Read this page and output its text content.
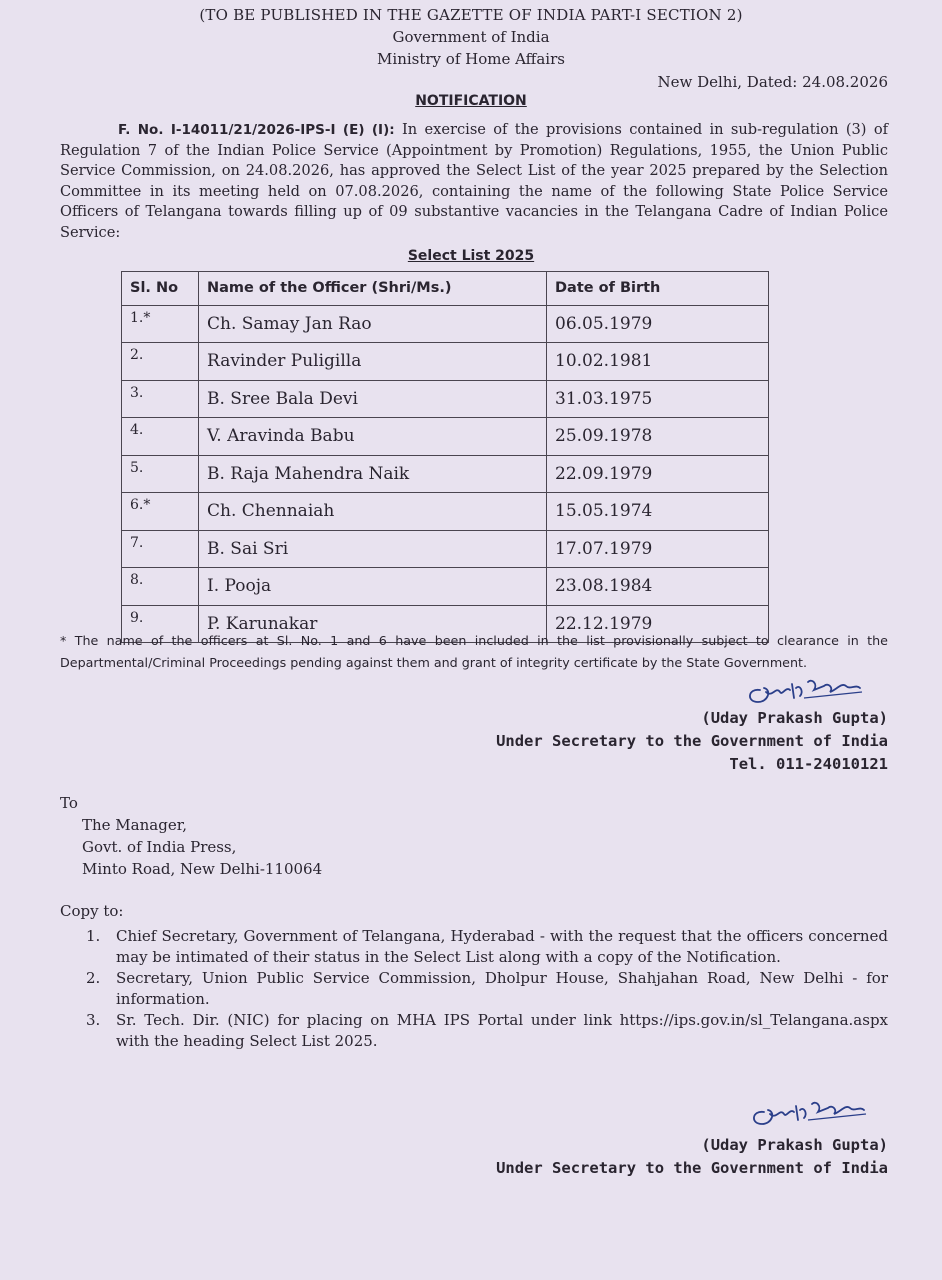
(TO BE PUBLISHED IN THE GAZETTE OF INDIA PART-I SECTION 2)
Government of India
Ministry of Home Affairs
New Delhi, Dated: 24.08.2026
NOTIFICATION
F. No. I-14011/21/2026-IPS-I (E) (I): In exercise of the provisions contained in sub-regulation (3) of Regulation 7 of the Indian Police Service (Appointment by Promotion) Regulations, 1955, the Union Public Service Commission, on 24.08.2026, has approved the Select List of the year 2025 prepared by the Selection Committee in its meeting held on 07.08.2026, containing the name of the following State Police Service Officers of Telangana towards filling up of 09 substantive vacancies in the Telangana Cadre of Indian Police Service:
Select List 2025
Sl. No	Name of the Officer (Shri/Ms.)	Date of Birth
1.*	Ch. Samay Jan Rao	06.05.1979
2.	Ravinder Puligilla	10.02.1981
3.	B. Sree Bala Devi	31.03.1975
4.	V. Aravinda Babu	25.09.1978
5.	B. Raja Mahendra Naik	22.09.1979
6.*	Ch. Chennaiah	15.05.1974
7.	B. Sai Sri	17.07.1979
8.	I. Pooja	23.08.1984
9.	P. Karunakar	22.12.1979
* The name of the officers at Sl. No. 1 and 6 have been included in the list provisionally subject to clearance in the Departmental/Criminal Proceedings pending against them and grant of integrity certificate by the State Government.
(Uday Prakash Gupta)
Under Secretary to the Government of India
Tel. 011-24010121
To
The Manager,
Govt. of India Press,
Minto Road, New Delhi-110064
Copy to:
1.	Chief Secretary, Government of Telangana, Hyderabad - with the request that the officers concerned may be intimated of their status in the Select List along with a copy of the Notification.
2.	Secretary, Union Public Service Commission, Dholpur House, Shahjahan Road, New Delhi - for information.
3.	Sr. Tech. Dir. (NIC) for placing on MHA IPS Portal under link https://ips.gov.in/sl_Telangana.aspx with the heading Select List 2025.
(Uday Prakash Gupta)
Under Secretary to the Government of India
